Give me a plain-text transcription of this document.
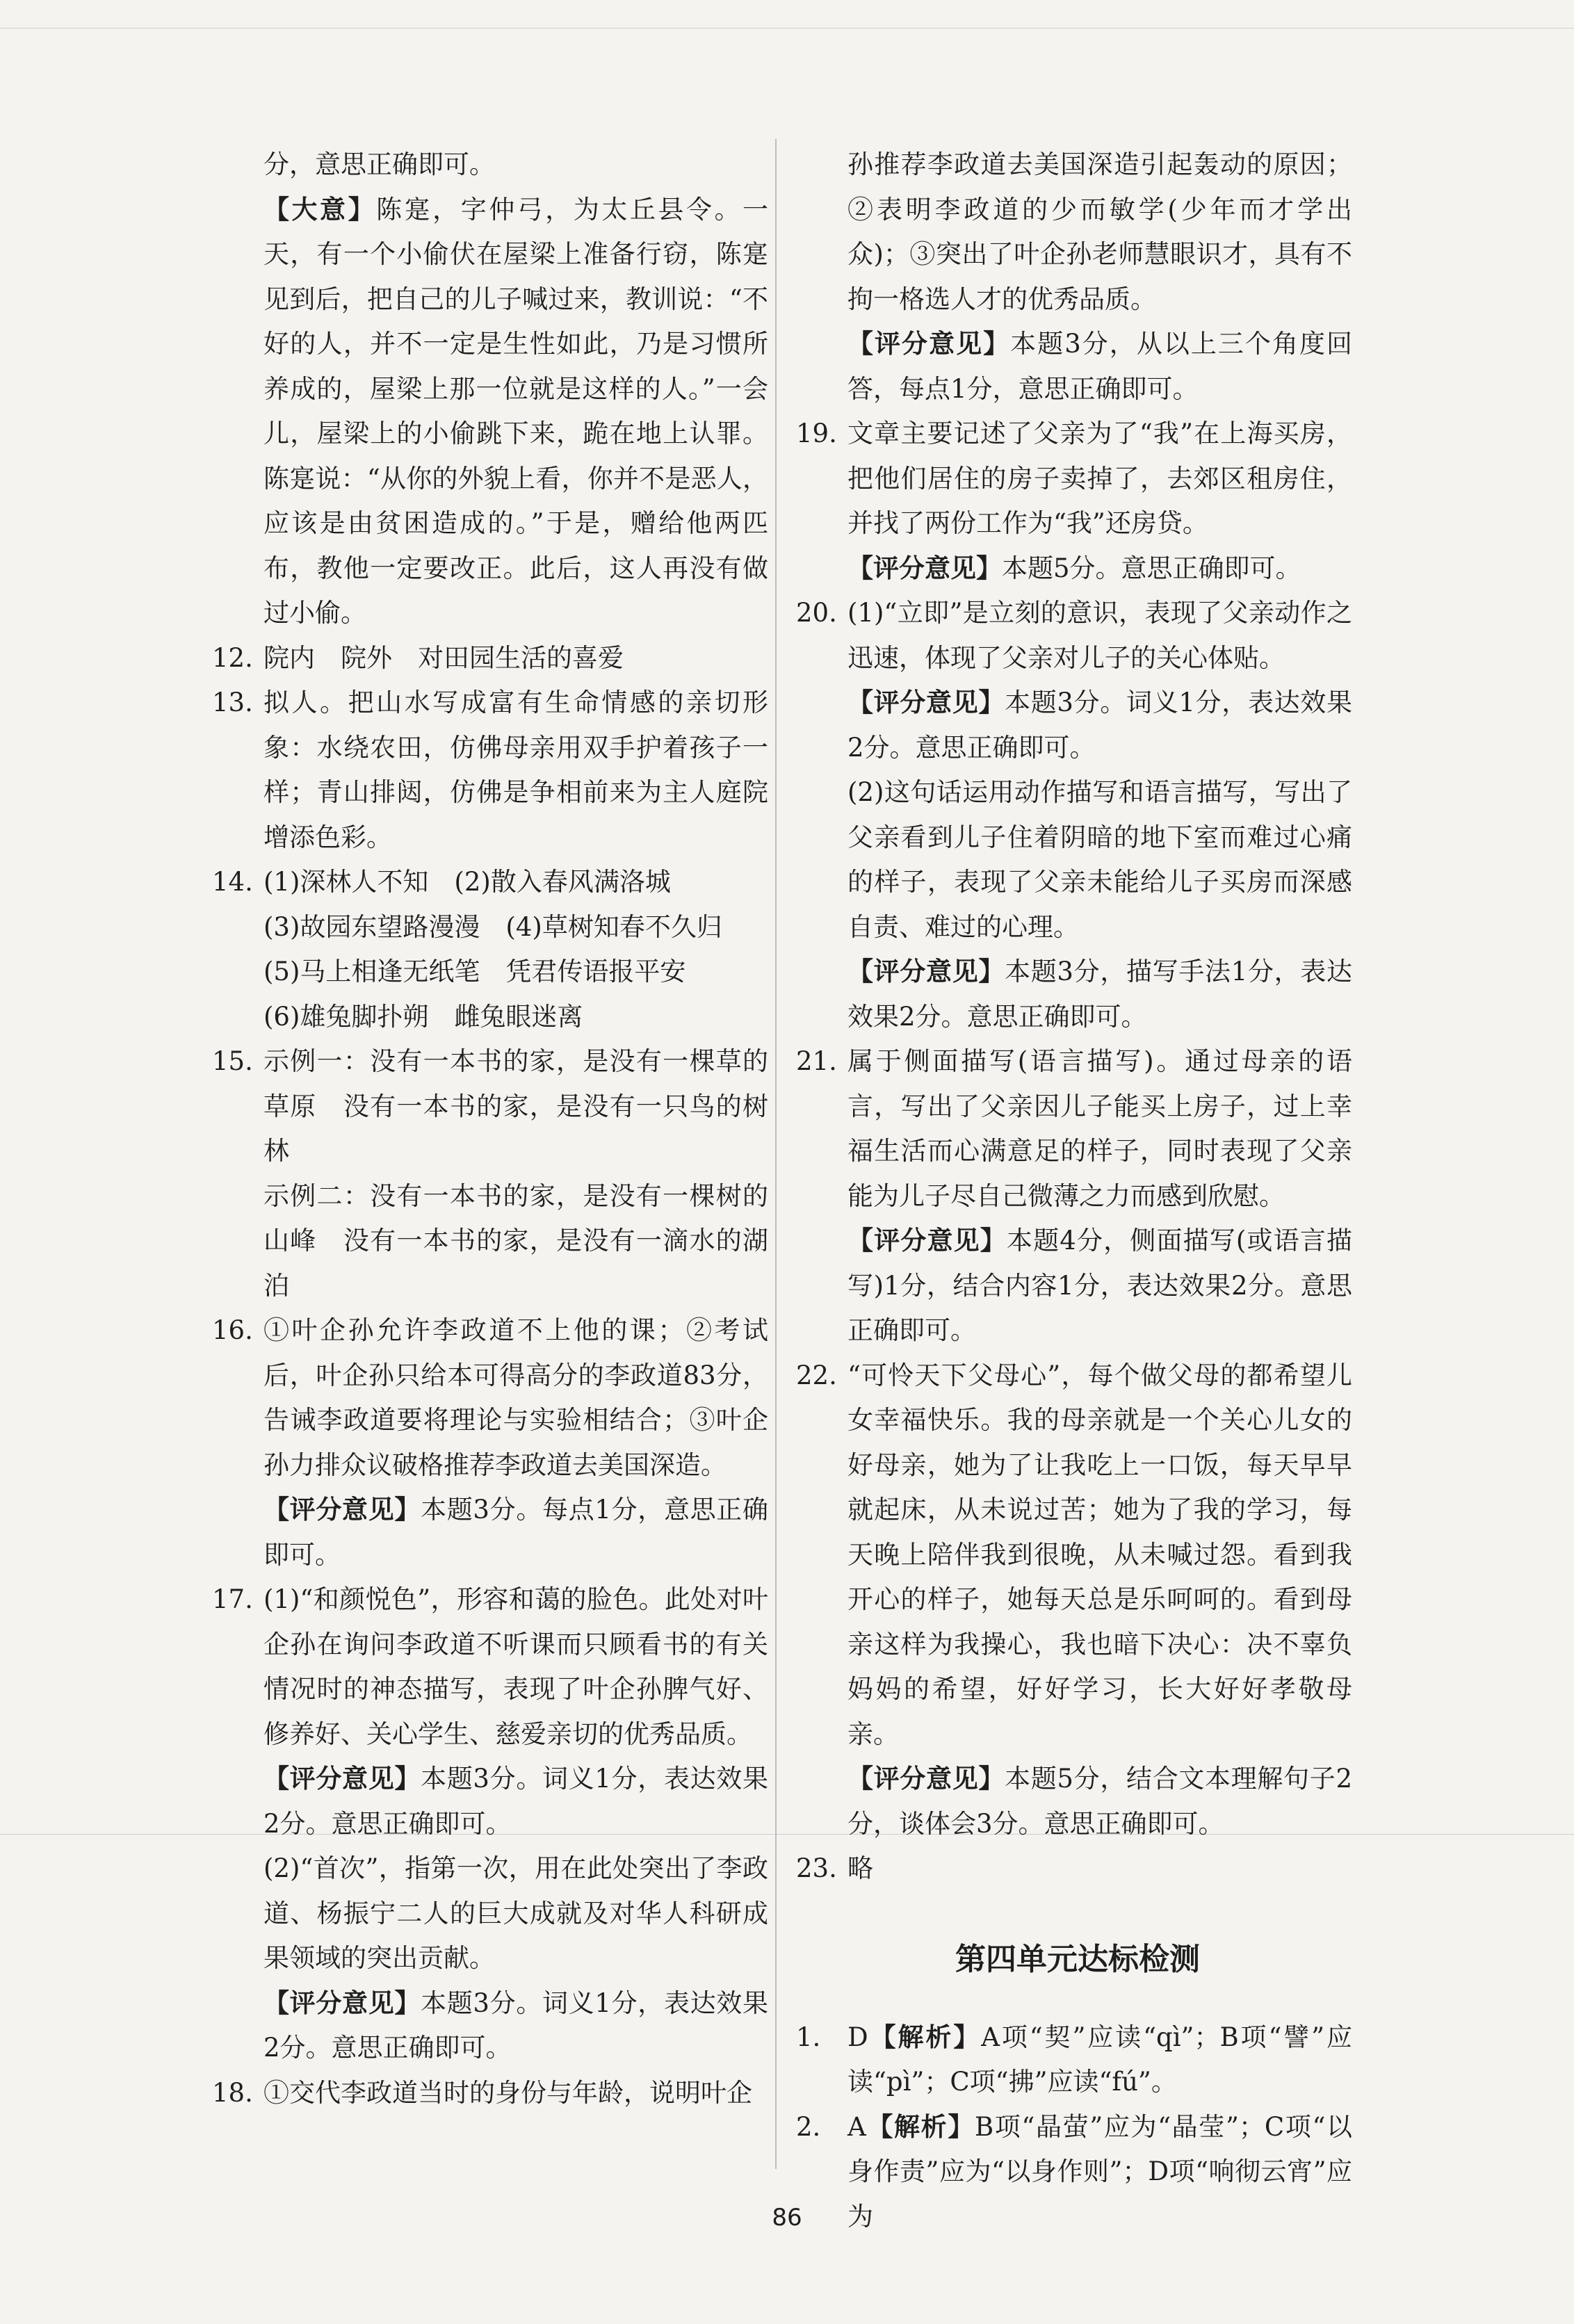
分，意思正确即可。
【大意】陈寔，字仲弓，为太丘县令。一天，有一个小偷伏在屋梁上准备行窃，陈寔见到后，把自己的儿子喊过来，教训说：“不好的人，并不一定是生性如此，乃是习惯所养成的，屋梁上那一位就是这样的人。”一会儿，屋梁上的小偷跳下来，跪在地上认罪。陈寔说：“从你的外貌上看，你并不是恶人，应该是由贫困造成的。”于是，赠给他两匹布，教他一定要改正。此后，这人再没有做过小偷。
12. 院内　院外　对田园生活的喜爱
13. 拟人。把山水写成富有生命情感的亲切形象：水绕农田，仿佛母亲用双手护着孩子一样；青山排闼，仿佛是争相前来为主人庭院增添色彩。
14. (1)深林人不知　(2)散入春风满洛城
(3)故园东望路漫漫　(4)草树知春不久归
(5)马上相逢无纸笔　凭君传语报平安
(6)雄兔脚扑朔　雌兔眼迷离
15. 示例一：没有一本书的家，是没有一棵草的草原　没有一本书的家，是没有一只鸟的树林
示例二：没有一本书的家，是没有一棵树的山峰　没有一本书的家，是没有一滴水的湖泊
16. ①叶企孙允许李政道不上他的课；②考试后，叶企孙只给本可得高分的李政道83分，告诫李政道要将理论与实验相结合；③叶企孙力排众议破格推荐李政道去美国深造。
【评分意见】本题3分。每点1分，意思正确即可。
17. (1)“和颜悦色”，形容和蔼的脸色。此处对叶企孙在询问李政道不听课而只顾看书的有关情况时的神态描写，表现了叶企孙脾气好、修养好、关心学生、慈爱亲切的优秀品质。
【评分意见】本题3分。词义1分，表达效果2分。意思正确即可。
(2)“首次”，指第一次，用在此处突出了李政道、杨振宁二人的巨大成就及对华人科研成果领域的突出贡献。
【评分意见】本题3分。词义1分，表达效果2分。意思正确即可。
18. ①交代李政道当时的身份与年龄，说明叶企
孙推荐李政道去美国深造引起轰动的原因；②表明李政道的少而敏学(少年而才学出众)；③突出了叶企孙老师慧眼识才，具有不拘一格选人才的优秀品质。
【评分意见】本题3分，从以上三个角度回答，每点1分，意思正确即可。
19. 文章主要记述了父亲为了“我”在上海买房，把他们居住的房子卖掉了，去郊区租房住，并找了两份工作为“我”还房贷。
【评分意见】本题5分。意思正确即可。
20. (1)“立即”是立刻的意识，表现了父亲动作之迅速，体现了父亲对儿子的关心体贴。
【评分意见】本题3分。词义1分，表达效果2分。意思正确即可。
(2)这句话运用动作描写和语言描写，写出了父亲看到儿子住着阴暗的地下室而难过心痛的样子，表现了父亲未能给儿子买房而深感自责、难过的心理。
【评分意见】本题3分，描写手法1分，表达效果2分。意思正确即可。
21. 属于侧面描写(语言描写)。通过母亲的语言，写出了父亲因儿子能买上房子，过上幸福生活而心满意足的样子，同时表现了父亲能为儿子尽自己微薄之力而感到欣慰。
【评分意见】本题4分，侧面描写(或语言描写)1分，结合内容1分，表达效果2分。意思正确即可。
22. “可怜天下父母心”，每个做父母的都希望儿女幸福快乐。我的母亲就是一个关心儿女的好母亲，她为了让我吃上一口饭，每天早早就起床，从未说过苦；她为了我的学习，每天晚上陪伴我到很晚，从未喊过怨。看到我开心的样子，她每天总是乐呵呵的。看到母亲这样为我操心，我也暗下决心：决不辜负妈妈的希望，好好学习，长大好好孝敬母亲。
【评分意见】本题5分，结合文本理解句子2分，谈体会3分。意思正确即可。
23. 略
第四单元达标检测
1. D【解析】A项“契”应读“qì”；B项“譬”应读“pì”；C项“拂”应读“fú”。
2. A【解析】B项“晶萤”应为“晶莹”；C项“以身作责”应为“以身作则”；D项“响彻云宵”应为
86
